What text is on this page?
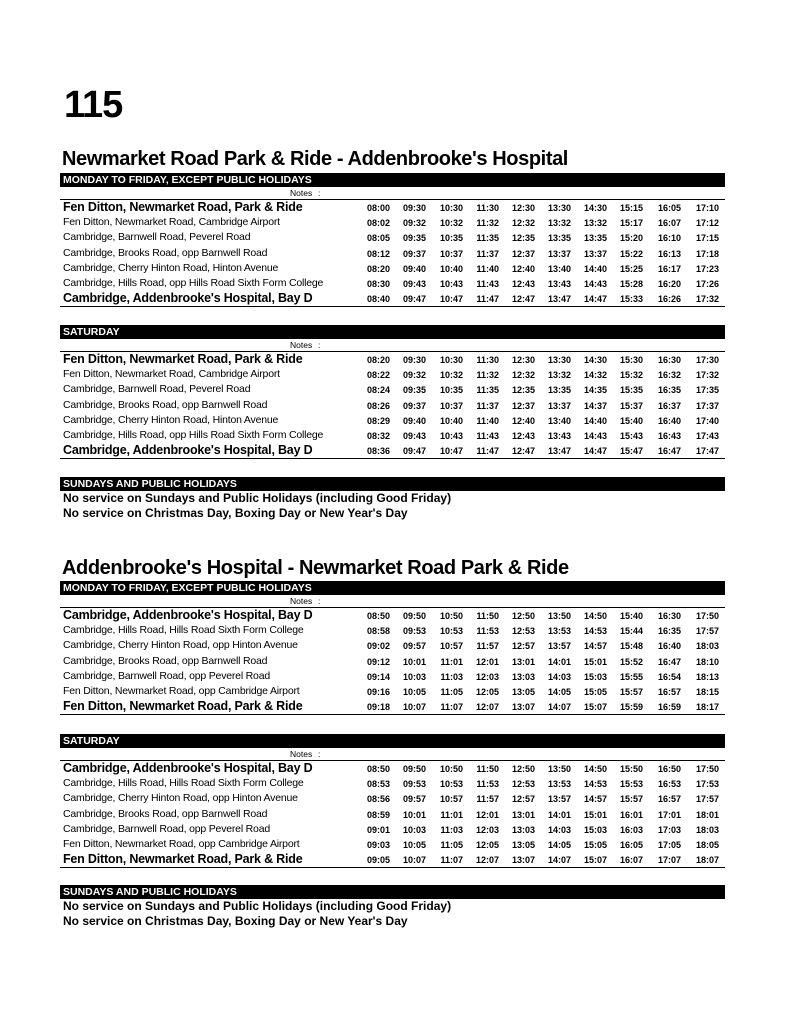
115
Newmarket Road Park & Ride - Addenbrooke's Hospital
MONDAY TO FRIDAY, EXCEPT PUBLIC HOLIDAYS
Notes :
Fen Ditton, Newmarket Road, Park & Ride	08:00	09:30	10:30	11:30	12:30	13:30	14:30	15:15	16:05	17:10
Fen Ditton, Newmarket Road, Cambridge Airport	08:02	09:32	10:32	11:32	12:32	13:32	13:32	15:17	16:07	17:12
Cambridge, Barnwell Road, Peverel Road	08:05	09:35	10:35	11:35	12:35	13:35	13:35	15:20	16:10	17:15
Cambridge, Brooks Road, opp Barnwell Road	08:12	09:37	10:37	11:37	12:37	13:37	13:37	15:22	16:13	17:18
Cambridge, Cherry Hinton Road, Hinton Avenue	08:20	09:40	10:40	11:40	12:40	13:40	14:40	15:25	16:17	17:23
Cambridge, Hills Road, opp Hills Road Sixth Form College	08:30	09:43	10:43	11:43	12:43	13:43	14:43	15:28	16:20	17:26
Cambridge, Addenbrooke's Hospital, Bay D	08:40	09:47	10:47	11:47	12:47	13:47	14:47	15:33	16:26	17:32
SATURDAY
Notes :
Fen Ditton, Newmarket Road, Park & Ride	08:20	09:30	10:30	11:30	12:30	13:30	14:30	15:30	16:30	17:30
Fen Ditton, Newmarket Road, Cambridge Airport	08:22	09:32	10:32	11:32	12:32	13:32	14:32	15:32	16:32	17:32
Cambridge, Barnwell Road, Peverel Road	08:24	09:35	10:35	11:35	12:35	13:35	14:35	15:35	16:35	17:35
Cambridge, Brooks Road, opp Barnwell Road	08:26	09:37	10:37	11:37	12:37	13:37	14:37	15:37	16:37	17:37
Cambridge, Cherry Hinton Road, Hinton Avenue	08:29	09:40	10:40	11:40	12:40	13:40	14:40	15:40	16:40	17:40
Cambridge, Hills Road, opp Hills Road Sixth Form College	08:32	09:43	10:43	11:43	12:43	13:43	14:43	15:43	16:43	17:43
Cambridge, Addenbrooke's Hospital, Bay D	08:36	09:47	10:47	11:47	12:47	13:47	14:47	15:47	16:47	17:47
SUNDAYS AND PUBLIC HOLIDAYS
No service on Sundays and Public Holidays (including Good Friday)
No service on Christmas Day, Boxing Day or New Year's Day
Addenbrooke's Hospital - Newmarket Road Park & Ride
MONDAY TO FRIDAY, EXCEPT PUBLIC HOLIDAYS
Notes :
Cambridge, Addenbrooke's Hospital, Bay D	08:50	09:50	10:50	11:50	12:50	13:50	14:50	15:40	16:30	17:50
Cambridge, Hills Road, Hills Road Sixth Form College	08:58	09:53	10:53	11:53	12:53	13:53	14:53	15:44	16:35	17:57
Cambridge, Cherry Hinton Road, opp Hinton Avenue	09:02	09:57	10:57	11:57	12:57	13:57	14:57	15:48	16:40	18:03
Cambridge, Brooks Road, opp Barnwell Road	09:12	10:01	11:01	12:01	13:01	14:01	15:01	15:52	16:47	18:10
Cambridge, Barnwell Road, opp Peverel Road	09:14	10:03	11:03	12:03	13:03	14:03	15:03	15:55	16:54	18:13
Fen Ditton, Newmarket Road, opp Cambridge Airport	09:16	10:05	11:05	12:05	13:05	14:05	15:05	15:57	16:57	18:15
Fen Ditton, Newmarket Road, Park & Ride	09:18	10:07	11:07	12:07	13:07	14:07	15:07	15:59	16:59	18:17
SATURDAY
Notes :
Cambridge, Addenbrooke's Hospital, Bay D	08:50	09:50	10:50	11:50	12:50	13:50	14:50	15:50	16:50	17:50
Cambridge, Hills Road, Hills Road Sixth Form College	08:53	09:53	10:53	11:53	12:53	13:53	14:53	15:53	16:53	17:53
Cambridge, Cherry Hinton Road, opp Hinton Avenue	08:56	09:57	10:57	11:57	12:57	13:57	14:57	15:57	16:57	17:57
Cambridge, Brooks Road, opp Barnwell Road	08:59	10:01	11:01	12:01	13:01	14:01	15:01	16:01	17:01	18:01
Cambridge, Barnwell Road, opp Peverel Road	09:01	10:03	11:03	12:03	13:03	14:03	15:03	16:03	17:03	18:03
Fen Ditton, Newmarket Road, opp Cambridge Airport	09:03	10:05	11:05	12:05	13:05	14:05	15:05	16:05	17:05	18:05
Fen Ditton, Newmarket Road, Park & Ride	09:05	10:07	11:07	12:07	13:07	14:07	15:07	16:07	17:07	18:07
SUNDAYS AND PUBLIC HOLIDAYS
No service on Sundays and Public Holidays (including Good Friday)
No service on Christmas Day, Boxing Day or New Year's Day
